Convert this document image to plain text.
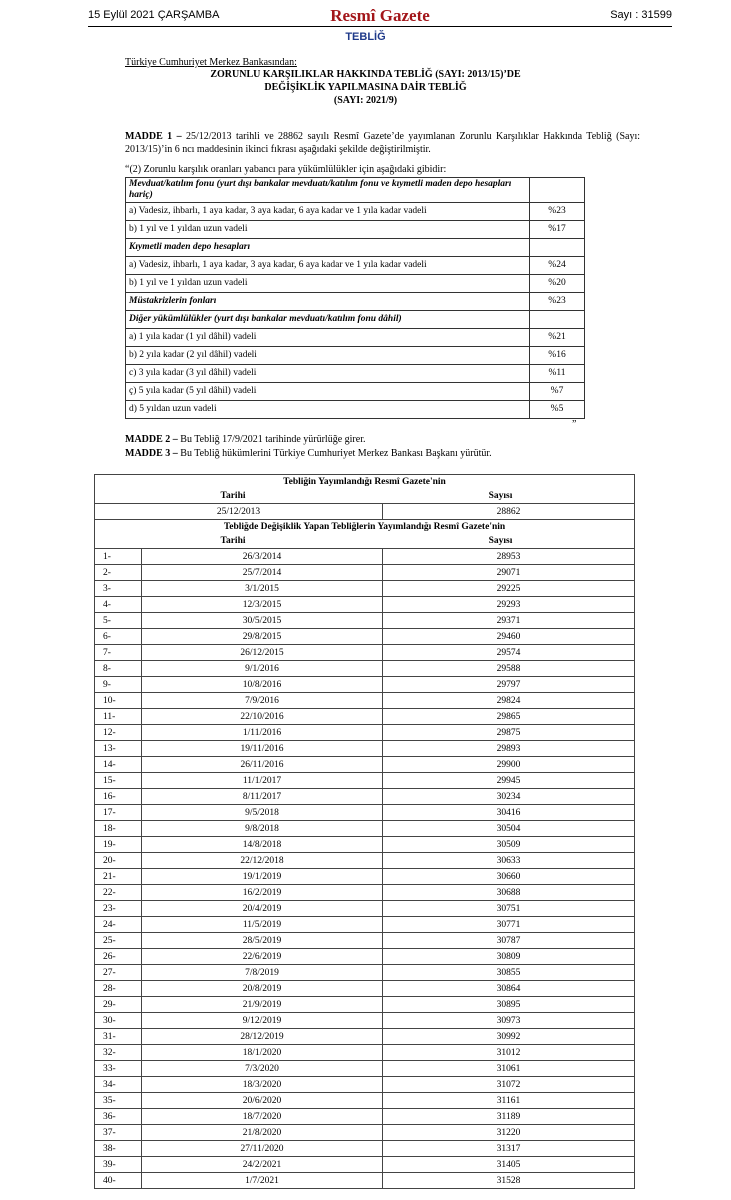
15 Eylül 2021 ÇARŞAMBA	Resmî Gazete	Sayı : 31599
TEBLİĞ
Türkiye Cumhuriyet Merkez Bankasından:
ZORUNLU KARŞILIKLAR HAKKINDA TEBLİĞ (SAYI: 2013/15)’DE
DEĞİŞİKLİK YAPILMASINA DAİR TEBLİĞ
(SAYI: 2021/9)
MADDE 1 – 25/12/2013 tarihli ve 28862 sayılı Resmî Gazete’de yayımlanan Zorunlu Karşılıklar Hakkında Tebliğ (Sayı: 2013/15)’in 6 ncı maddesinin ikinci fıkrası aşağıdaki şekilde değiştirilmiştir.
“(2) Zorunlu karşılık oranları yabancı para yükümlülükler için aşağıdaki gibidir:
Mevduat/katılım fonu (yurt dışı bankalar mevduatı/katılım fonu ve kıymetli maden depo hesapları hariç)	
a) Vadesiz, ihbarlı, 1 aya kadar, 3 aya kadar, 6 aya kadar ve 1 yıla kadar vadeli	%23
b) 1 yıl ve 1 yıldan uzun vadeli	%17
Kıymetli maden depo hesapları	
a) Vadesiz, ihbarlı, 1 aya kadar, 3 aya kadar, 6 aya kadar ve 1 yıla kadar vadeli	%24
b) 1 yıl ve 1 yıldan uzun vadeli	%20
Müstakrizlerin fonları	%23
Diğer yükümlülükler (yurt dışı bankalar mevduatı/katılım fonu dâhil)	
a) 1 yıla kadar (1 yıl dâhil) vadeli	%21
b) 2 yıla kadar (2 yıl dâhil) vadeli	%16
c) 3 yıla kadar (3 yıl dâhil) vadeli	%11
ç) 5 yıla kadar (5 yıl dâhil) vadeli	%7
d) 5 yıldan uzun vadeli	%5
”
MADDE 2 – Bu Tebliğ 17/9/2021 tarihinde yürürlüğe girer.
MADDE 3 – Bu Tebliğ hükümlerini Türkiye Cumhuriyet Merkez Bankası Başkanı yürütür.
Tebliğin Yayımlandığı Resmî Gazete'nin
Tarihi Sayısı		

25/12/2013		28862

Tebliğde Değişiklik Yapan Tebliğlerin Yayımlandığı Resmî Gazete'nin
Tarihi Sayısı		

1-	26/3/2014	28953
2-	25/7/2014	29071
3-	3/1/2015	29225
4-	12/3/2015	29293
5-	30/5/2015	29371
6-	29/8/2015	29460
7-	26/12/2015	29574
8-	9/1/2016	29588
9-	10/8/2016	29797
10-	7/9/2016	29824
11-	22/10/2016	29865
12-	1/11/2016	29875
13-	19/11/2016	29893
14-	26/11/2016	29900
15-	11/1/2017	29945
16-	8/11/2017	30234
17-	9/5/2018	30416
18-	9/8/2018	30504
19-	14/8/2018	30509
20-	22/12/2018	30633
21-	19/1/2019	30660
22-	16/2/2019	30688
23-	20/4/2019	30751
24-	11/5/2019	30771
25-	28/5/2019	30787
26-	22/6/2019	30809
27-	7/8/2019	30855
28-	20/8/2019	30864
29-	21/9/2019	30895
30-	9/12/2019	30973
31-	28/12/2019	30992
32-	18/1/2020	31012
33-	7/3/2020	31061
34-	18/3/2020	31072
35-	20/6/2020	31161
36-	18/7/2020	31189
37-	21/8/2020	31220
38-	27/11/2020	31317
39-	24/2/2021	31405
40-	1/7/2021	31528
